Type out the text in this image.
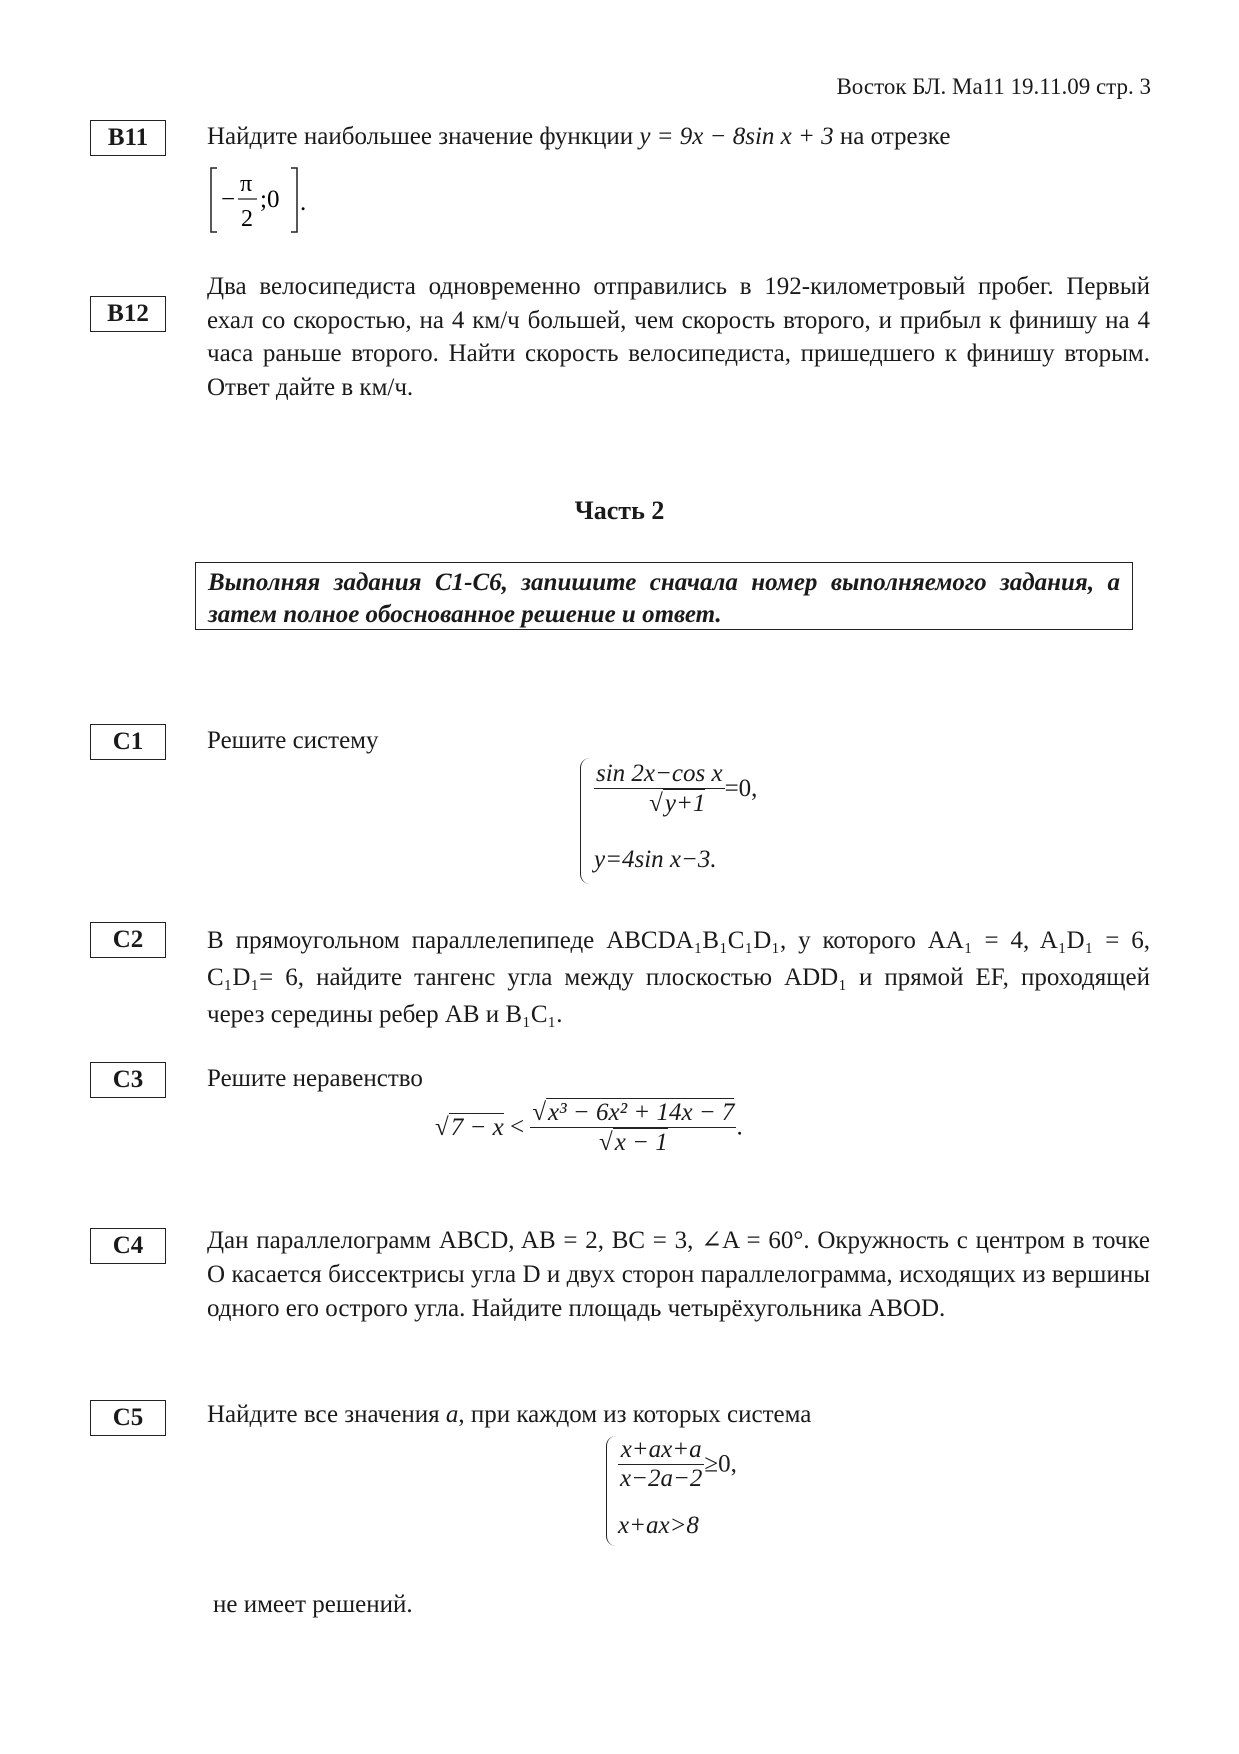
Восток БЛ. Ма11 19.11.09 стр. 3
B11	Найдите наибольшее значение функции y = 9x − 8sin x + 3 на отрезке
−
π
2
;0 .
B12
Два велосипедиста одновременно отправились в 192-километровый пробег. Первый ехал со скоростью, на 4 км/ч большей, чем скорость второго, и прибыл к финишу на 4 часа раньше второго. Найти скорость велосипедиста, пришедшего к финишу вторым. Ответ дайте в км/ч.
Часть 2
Выполняя задания С1-С6, запишите сначала номер выполняемого задания, а затем полное обоснованное решение и ответ.
C1	Решите систему
$\frac{\text{sin 2x−cos x}}{√y+1} =0$,
y=4sin x−3.
C2	В прямоугольном параллелепипеде ABCDA₁B₁C₁D₁, у которого AA₁ = 4, A₁D₁ = 6, C₁D₁= 6, найдите тангенс угла между плоскостью ADD₁ и прямой EF, проходящей через середины ребер AB и B₁C₁.
C3	Решите неравенство
$√7 - x < \frac{\text{√x³ − 6x² + 14x − 7}}{√x - 1}$ .
C4	Дан параллелограмм ABCD, AB = 2, BC = 3, ∠A = 60°. Окружность с центром в точке O касается биссектрисы угла D и двух сторон параллелограмма, исходящих из вершины одного его острого угла. Найдите площадь четырёхугольника ABOD.
C5	Найдите все значения a, при каждом из которых система
$\frac{x+ax+a}{x-2a-2} \ge 0$,
x+ax>8
не имеет решений.
